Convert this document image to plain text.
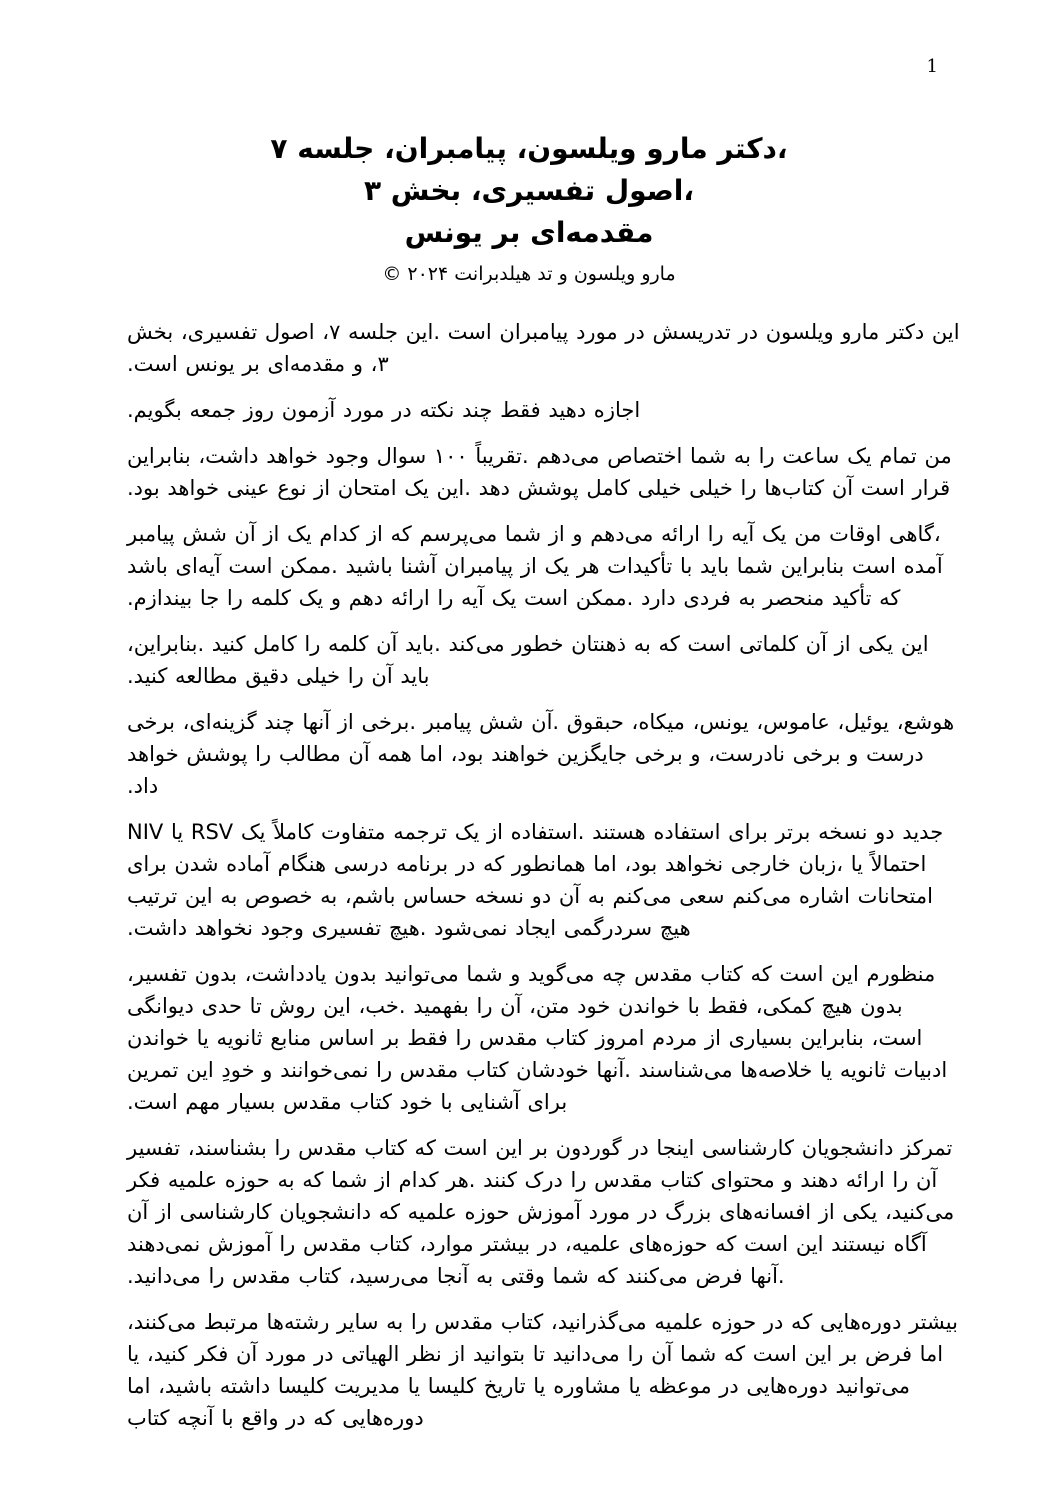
1
،دکتر مارو ویلسون، پیامبران، جلسه ۷
،اصول تفسیری، بخش ۳
مقدمه‌ای بر یونس
مارو ویلسون و تد هیلدبرانت ۲۰۲۴ ©

این دکتر مارو ویلسون در تدریسش در مورد پیامبران است .این جلسه ۷، اصول تفسیری، بخش ۳، و مقدمه‌ای بر یونس است.

اجازه دهید فقط چند نکته در مورد آزمون روز جمعه بگویم.

من تمام یک ساعت را به شما اختصاص می‌دهم .تقریباً ۱۰۰ سوال وجود خواهد داشت، بنابراین قرار است آن کتاب‌ها را خیلی خیلی کامل پوشش دهد .این یک امتحان از نوع عینی خواهد بود.

،گاهی اوقات من یک آیه را ارائه می‌دهم و از شما می‌پرسم که از کدام یک از آن شش پیامبر آمده است بنابراین شما باید با تأکیدات هر یک از پیامبران آشنا باشید .ممکن است آیه‌ای باشد که تأکید منحصر به فردی دارد .ممکن است یک آیه را ارائه دهم و یک کلمه را جا بیندازم.

این یکی از آن کلماتی است که به ذهنتان خطور می‌کند .باید آن کلمه را کامل کنید .بنابراین، باید آن را خیلی دقیق مطالعه کنید.

هوشع، یوئیل، عاموس، یونس، میکاه، حبقوق .آن شش پیامبر .برخی از آنها چند گزینه‌ای، برخی درست و برخی نادرست، و برخی جایگزین خواهند بود، اما همه آن مطالب را پوشش خواهد داد.

جدید دو نسخه برتر برای استفاده هستند .استفاده از یک ترجمه متفاوت کاملاً یک RSV یا NIV احتمالاً یا ،زبان خارجی نخواهد بود، اما همانطور که در برنامه درسی هنگام آماده شدن برای امتحانات اشاره می‌کنم سعی می‌کنم به آن دو نسخه حساس باشم، به خصوص به این ترتیب هیچ سردرگمی ایجاد نمی‌شود .هیچ تفسیری وجود نخواهد داشت.

منظورم این است که کتاب مقدس چه می‌گوید و شما می‌توانید بدون یادداشت، بدون تفسیر، بدون هیچ کمکی، فقط با خواندن خود متن، آن را بفهمید .خب، این روش تا حدی دیوانگی است، بنابراین بسیاری از مردم امروز کتاب مقدس را فقط بر اساس منابع ثانویه یا خواندن ادبیات ثانویه یا خلاصه‌ها می‌شناسند .آنها خودشان کتاب مقدس را نمی‌خوانند و خودِ این تمرین برای آشنایی با خود کتاب مقدس بسیار مهم است.

تمرکز دانشجویان کارشناسی اینجا در گوردون بر این است که کتاب مقدس را بشناسند، تفسیر آن را ارائه دهند و محتوای کتاب مقدس را درک کنند .هر کدام از شما که به حوزه علمیه فکر می‌کنید، یکی از افسانه‌های بزرگ در مورد آموزش حوزه علمیه که دانشجویان کارشناسی از آن آگاه نیستند این است که حوزه‌های علمیه، در بیشتر موارد، کتاب مقدس را آموزش نمی‌دهند .آنها فرض می‌کنند که شما وقتی به آنجا می‌رسید، کتاب مقدس را می‌دانید.

بیشتر دوره‌هایی که در حوزه علمیه می‌گذرانید، کتاب مقدس را به سایر رشته‌ها مرتبط می‌کنند، اما فرض بر این است که شما آن را می‌دانید تا بتوانید از نظر الهیاتی در مورد آن فکر کنید، یا می‌توانید دوره‌هایی در موعظه یا مشاوره یا تاریخ کلیسا یا مدیریت کلیسا داشته باشید، اما دوره‌هایی که در واقع با آنچه کتاب
